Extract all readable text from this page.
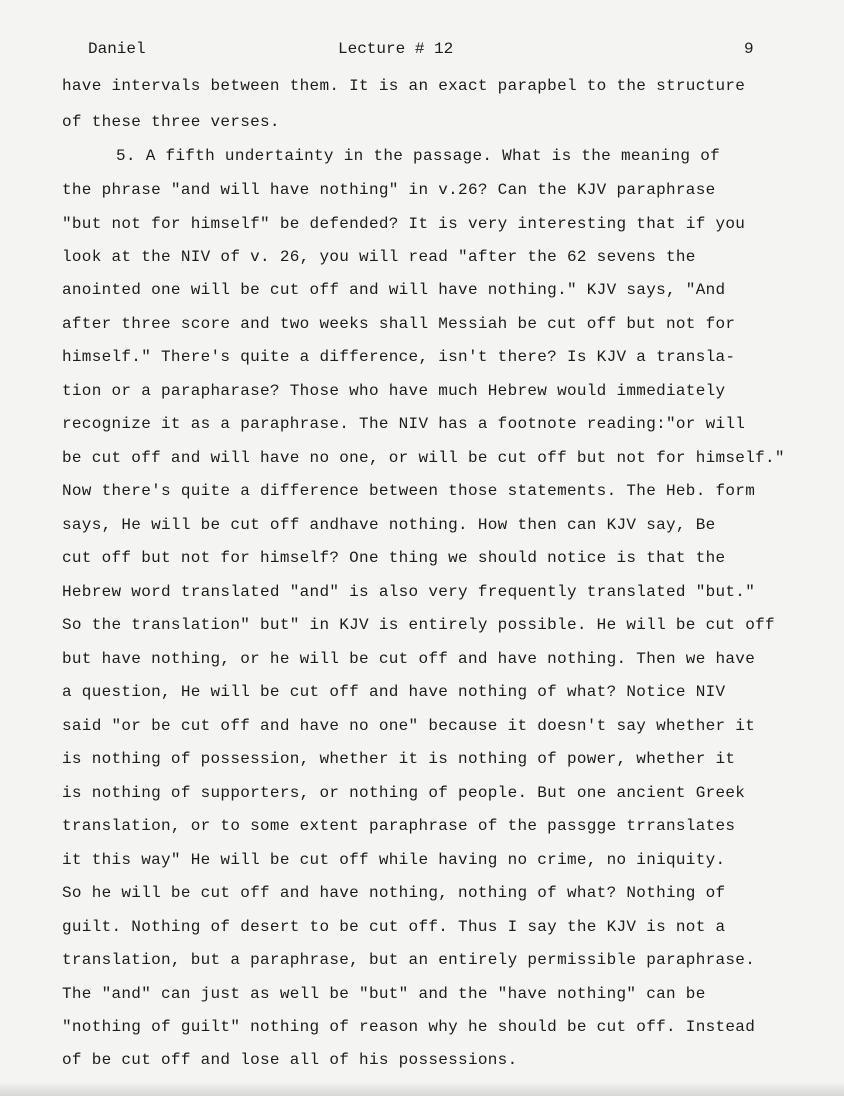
Daniel	Lecture # 12	9
have intervals between them. It is an exact parapbel to the structure
of these three verses.
5. A fifth undertainty in the passage. What is the meaning of
the phrase "and will have nothing" in v.26? Can the KJV paraphrase
"but not for himself" be defended? It is very interesting that if you
look at the NIV of v. 26, you will read "after the 62 sevens the
anointed one will be cut off and will have nothing." KJV says, "And
after three score and two weeks shall Messiah be cut off but not for
himself." There's quite a difference, isn't there? Is KJV a transla-
tion or a parapharase? Those who have much Hebrew would immediately
recognize it as a paraphrase. The NIV has a footnote reading:"or will
be cut off and will have no one, or will be cut off but not for himself."
Now there's quite a difference between those statements. The Heb. form
says, He will be cut off andhave nothing. How then can KJV say, Be
cut off but not for himself? One thing we should notice is that the
Hebrew word translated "and" is also very frequently translated "but."
So the translation" but" in KJV is entirely possible. He will be cut off
but have nothing, or he will be cut off and have nothing. Then we have
a question, He will be cut off and have nothing of what? Notice NIV
said "or be cut off and have no one" because it doesn't say whether it
is nothing of possession, whether it is nothing of power, whether it
is nothing of supporters, or nothing of people. But one ancient Greek
translation, or to some extent paraphrase of the passgge trranslates
it this way" He will be cut off while having no crime, no iniquity.
So he will be cut off and have nothing, nothing of what? Nothing of
guilt. Nothing of desert to be cut off. Thus I say the KJV is not a
translation, but a paraphrase, but an entirely permissible paraphrase.
The "and" can just as well be "but" and the "have nothing" can be
"nothing of guilt" nothing of reason why he should be cut off. Instead
of be cut off and lose all of his possessions.
